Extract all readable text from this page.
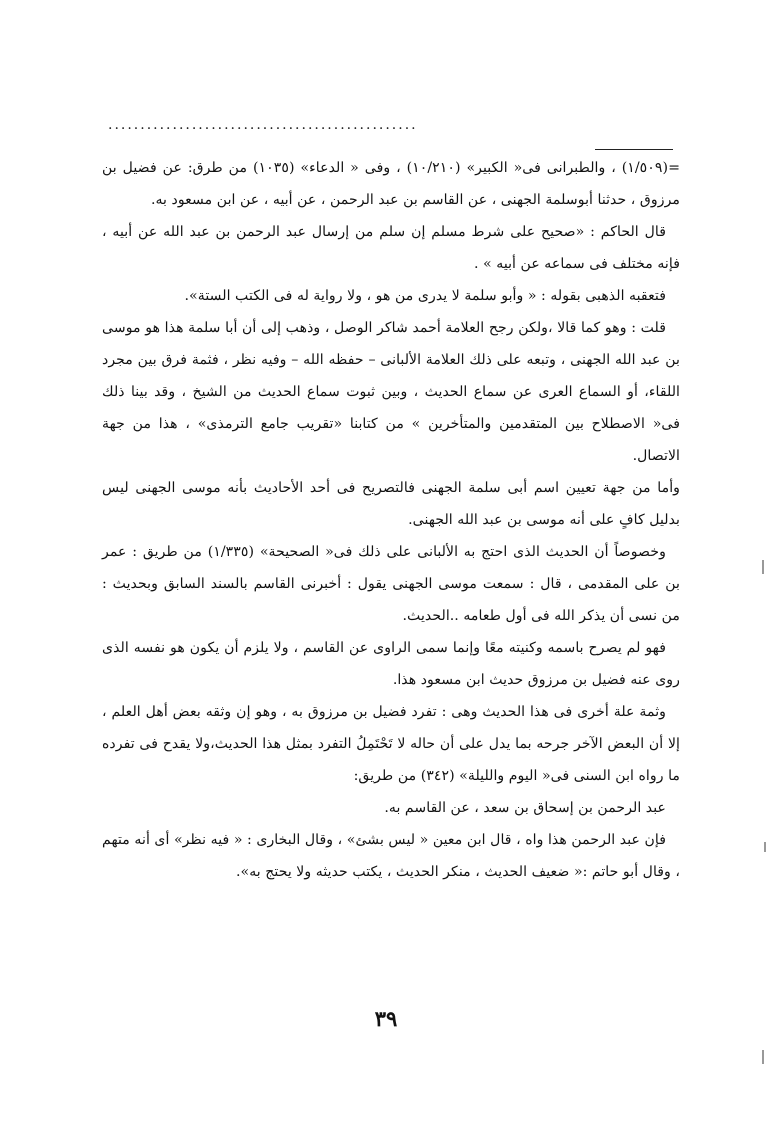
................................................

=(١/٥٠٩) ، والطبرانى فى« الكبير» (١٠/٢١٠) ، وفى « الدعاء» (١٠٣٥) من طرق: عن فضيل بن مرزوق ، حدثنا أبوسلمة الجهنى ، عن القاسم بن عبد الرحمن ، عن أبيه ، عن ابن مسعود به.

قال الحاكم : «صحيح على شرط مسلم إن سلم من إرسال عبد الرحمن بن عبد الله عن أبيه ، فإنه مختلف فى سماعه عن أبيه » .

فتعقبه الذهبى بقوله : « وأبو سلمة لا يدرى من هو ، ولا رواية له فى الكتب الستة».

قلت : وهو كما قالا ،ولكن رجح العلامة أحمد شاكر الوصل ، وذهب إلى أن أبا سلمة هذا هو موسى بن عبد الله الجهنى ، وتبعه على ذلك العلامة الألبانى – حفظه الله – وفيه نظر ، فثمة فرق بين مجرد اللقاء، أو السماع العرى عن سماع الحديث ، وبين ثبوت سماع الحديث من الشيخ ، وقد بينا ذلك فى« الاصطلاح بين المتقدمين والمتأخرين » من كتابنا «تقريب جامع الترمذى» ، هذا من جهة الاتصال.

وأما من جهة تعيين اسم أبى سلمة الجهنى فالتصريح فى أحد الأحاديث بأنه موسى الجهنى ليس بدليل كافٍ على أنه موسى بن عبد الله الجهنى.

وخصوصاً أن الحديث الذى احتج به الألبانى على ذلك فى« الصحيحة» (١/٣٣٥) من طريق : عمر بن على المقدمى ، قال : سمعت موسى الجهنى يقول : أخبرنى القاسم بالسند السابق وبحديث : من نسى أن يذكر الله فى أول طعامه ..الحديث.

فهو لم يصرح باسمه وكنيته معًا وإنما سمى الراوى عن القاسم ، ولا يلزم أن يكون هو نفسه الذى روى عنه فضيل بن مرزوق حديث ابن مسعود هذا.

وثمة علة أخرى فى هذا الحديث وهى : تفرد فضيل بن مرزوق به ، وهو إن وثقه بعض أهل العلم ، إلا أن البعض الآخر جرحه بما يدل على أن حاله لا تَحْتَمِلُ التفرد بمثل هذا الحديث،ولا يقدح فى تفرده ما رواه ابن السنى فى« اليوم والليلة» (٣٤٢) من طريق:

عبد الرحمن بن إسحاق بن سعد ، عن القاسم به.

فإن عبد الرحمن هذا واه ، قال ابن معين « ليس بشئ» ، وقال البخارى : « فيه نظر» أى أنه متهم ، وقال أبو حاتم :« ضعيف الحديث ، منكر الحديث ، يكتب حديثه ولا يحتج به».

٣٩
